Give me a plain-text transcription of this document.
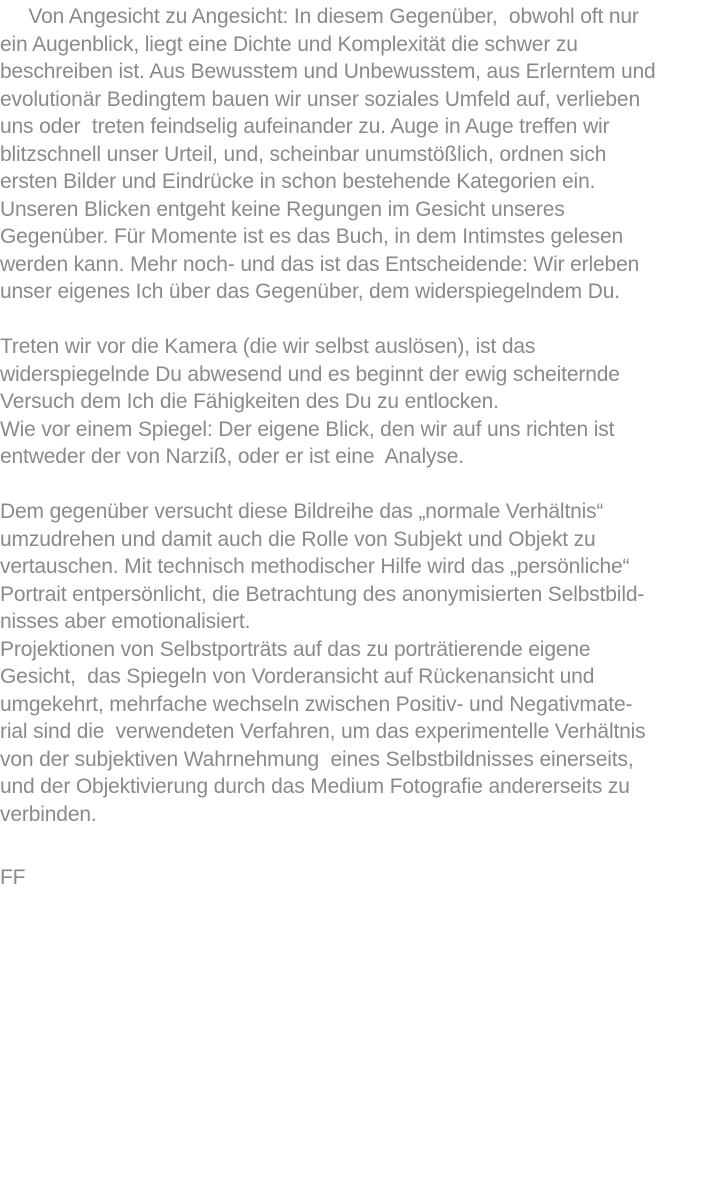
Von Angesicht zu Angesicht: In diesem Gegenüber,  obwohl oft nur

ein Augenblick, liegt eine Dichte und Komplexität die schwer zu

beschreiben ist. Aus Bewusstem und Unbewusstem, aus Erlerntem und

evolutionär Bedingtem bauen wir unser soziales Umfeld auf, verlieben

uns oder  treten feindselig aufeinander zu. Auge in Auge treffen wir

blitzschnell unser Urteil, und, scheinbar unumstößlich, ordnen sich

ersten Bilder und Eindrücke in schon bestehende Kategorien ein.

Unseren Blicken entgeht keine Regungen im Gesicht unseres

Gegenüber. Für Momente ist es das Buch, in dem Intimstes gelesen

werden kann. Mehr noch- und das ist das Entscheidende: Wir erleben

unser eigenes Ich über das Gegenüber, dem widerspiegelndem Du.

Treten wir vor die Kamera (die wir selbst auslösen), ist das

widerspiegelnde Du abwesend und es beginnt der ewig scheiternde

Versuch dem Ich die Fähigkeiten des Du zu entlocken.

Wie vor einem Spiegel: Der eigene Blick, den wir auf uns richten ist

entweder der von Narziß, oder er ist eine  Analyse.

Dem gegenüber versucht diese Bildreihe das „normale Verhältnis“

umzudrehen und damit auch die Rolle von Subjekt und Objekt zu

vertauschen. Mit technisch methodischer Hilfe wird das „persönliche“

Portrait entpersönlicht, die Betrachtung des anonymisierten Selbstbild-

nisses aber emotionalisiert.

Projektionen von Selbstporträts auf das zu porträtierende eigene

Gesicht,  das Spiegeln von Vorderansicht auf Rückenansicht und

umgekehrt, mehrfache wechseln zwischen Positiv- und Negativmate-

rial sind die  verwendeten Verfahren, um das experimentelle Verhältnis

von der subjektiven Wahrnehmung  eines Selbstbildnisses einerseits,

und der Objektivierung durch das Medium Fotografie andererseits zu

verbinden.

FF
